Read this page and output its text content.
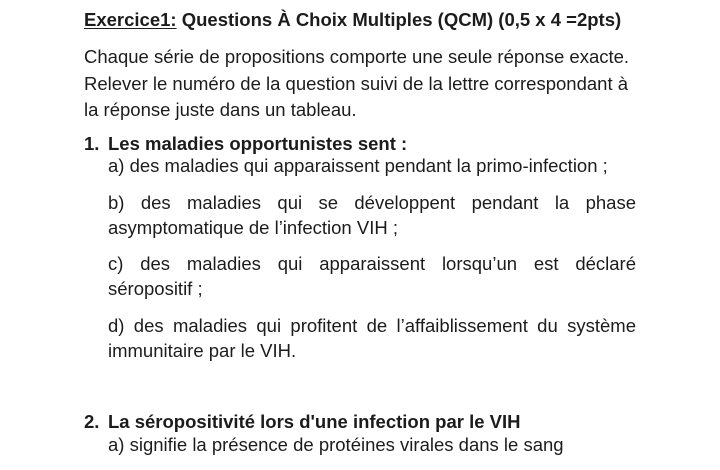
Exercice1: Questions À Choix Multiples (QCM) (0,5 x 4 =2pts)
Chaque série de propositions comporte une seule réponse exacte. Relever le numéro de la question suivi de la lettre correspondant à la réponse juste dans un tableau.
1. Les maladies opportunistes sent :
a) des maladies qui apparaissent pendant la primo-infection ;
b) des maladies qui se développent pendant la phase asymptomatique de l’infection VIH ;
c) des maladies qui apparaissent lorsqu’un est déclaré séropositif ;
d) des maladies qui profitent de l’affaiblissement du système immunitaire par le VIH.
2. La séropositivité lors d'une infection par le VIH
a) signifie la présence de protéines virales dans le sang
